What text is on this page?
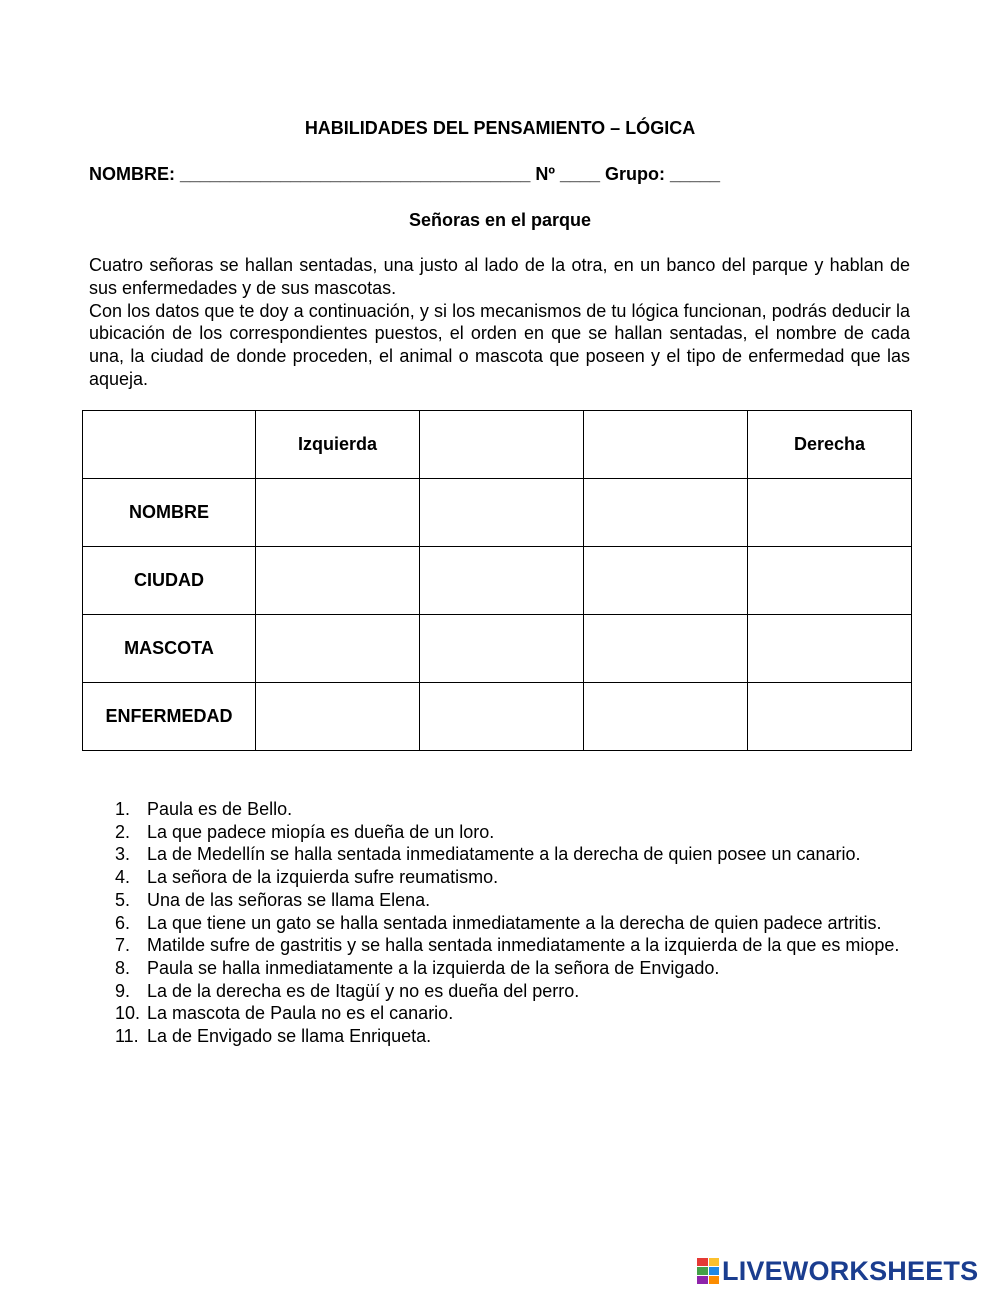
HABILIDADES DEL PENSAMIENTO – LÓGICA
NOMBRE: ___________________________________ Nº ____ Grupo: _____
Señoras en el parque

Cuatro señoras se hallan sentadas, una justo al lado de la otra, en un banco del parque y hablan de sus enfermedades y de sus mascotas.

Con los datos que te doy a continuación, y si los mecanismos de tu lógica funcionan, podrás deducir la ubicación de los correspondientes puestos, el orden en que se hallan sentadas, el nombre de cada una, la ciudad de donde proceden, el animal o mascota que poseen y el tipo de enfermedad que las aqueja.

	Izquierda			Derecha
NOMBRE				
CIUDAD				
MASCOTA				
ENFERMEDAD				
1. Paula es de Bello.
2. La que padece miopía es dueña de un loro.
3. La de Medellín se halla sentada inmediatamente a la derecha de quien posee un canario.
4. La señora de la izquierda sufre reumatismo.
5. Una de las señoras se llama Elena.
6. La que tiene un gato se halla sentada inmediatamente a la derecha de quien padece artritis.
7. Matilde sufre de gastritis y se halla sentada inmediatamente a la izquierda de la que es miope.
8. Paula se halla inmediatamente a la izquierda de la señora de Envigado.
9. La de la derecha es de Itagüí y no es dueña del perro.
10. La mascota de Paula no es el canario.
11. La de Envigado se llama Enriqueta.
LIVEWORKSHEETS
